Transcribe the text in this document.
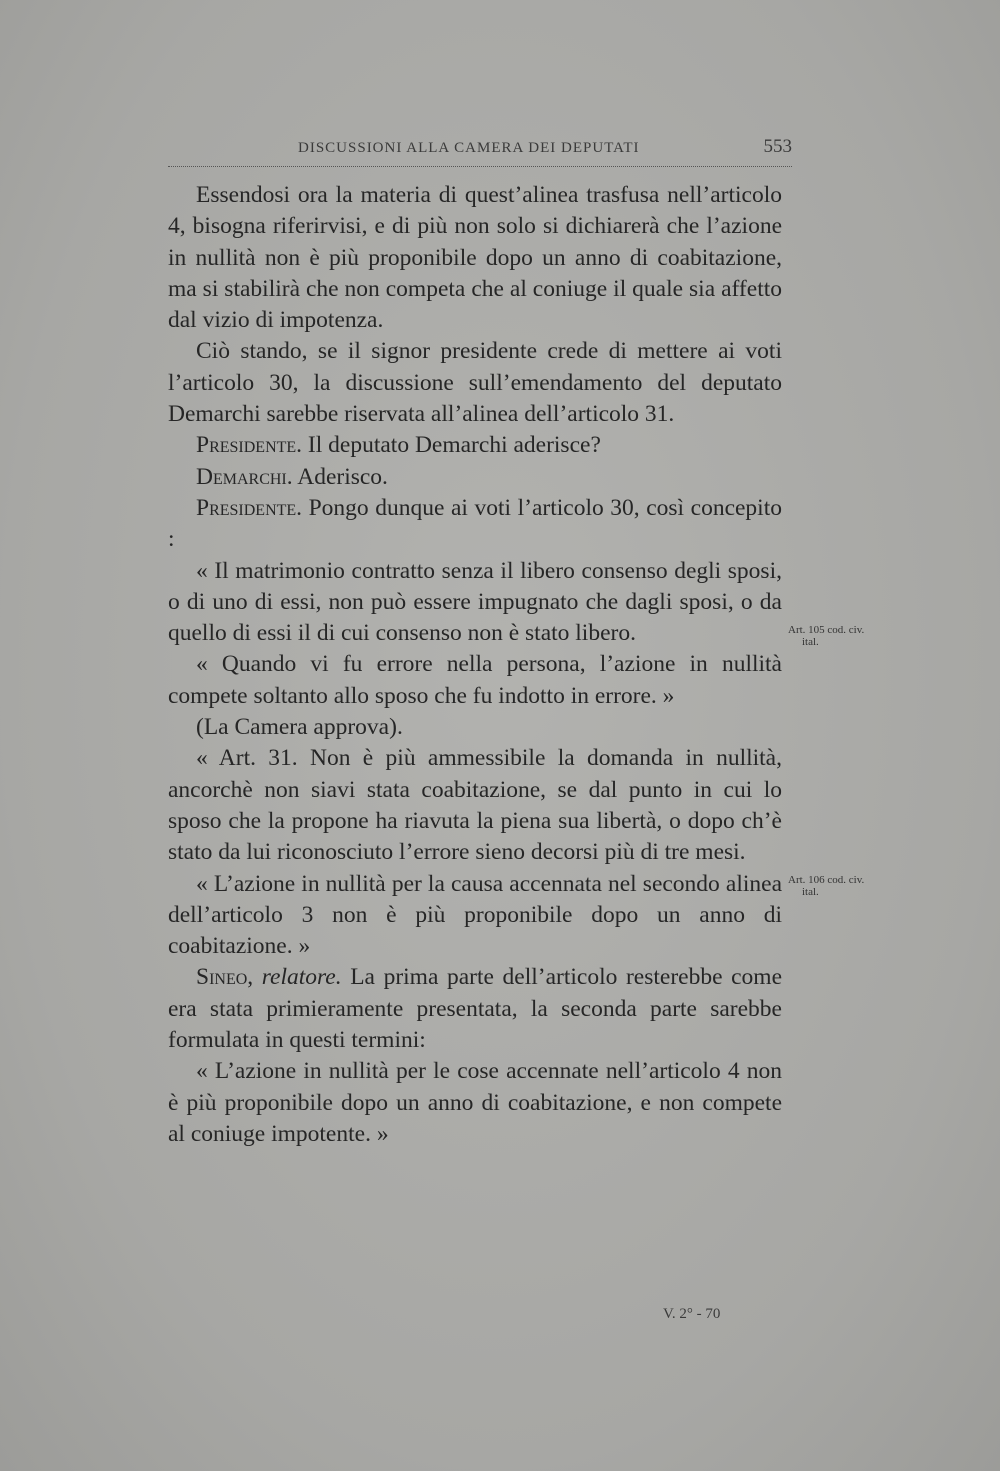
DISCUSSIONI ALLA CAMERA DEI DEPUTATI	553

Essendosi ora la materia di quest’alinea trasfusa nell’articolo 4, bisogna riferirvisi, e di più non solo si dichiarerà che l’azione in nullità non è più proponibile dopo un anno di coabitazione, ma si stabilirà che non competa che al coniuge il quale sia affetto dal vizio di impotenza.

Ciò stando, se il signor presidente crede di mettere ai voti l’articolo 30, la discussione sull’emendamento del deputato Demarchi sarebbe riservata all’alinea dell’articolo 31.

Presidente. Il deputato Demarchi aderisce?

Demarchi. Aderisco.

Presidente. Pongo dunque ai voti l’articolo 30, così concepito :

« Il matrimonio contratto senza il libero consenso degli sposi, o di uno di essi, non può essere impugnato che dagli sposi, o da quello di essi il di cui consenso non è stato libero.

« Quando vi fu errore nella persona, l’azione in nullità compete soltanto allo sposo che fu indotto in errore. »

(La Camera approva).

« Art. 31. Non è più ammessibile la domanda in nullità, ancorchè non siavi stata coabitazione, se dal punto in cui lo sposo che la propone ha riavuta la piena sua libertà, o dopo ch’è stato da lui riconosciuto l’errore sieno decorsi più di tre mesi.

« L’azione in nullità per la causa accennata nel secondo alinea dell’articolo 3 non è più proponibile dopo un anno di coabitazione. »

Sineo, relatore. La prima parte dell’articolo resterebbe come era stata primieramente presentata, la seconda parte sarebbe formulata in questi termini:

« L’azione in nullità per le cose accennate nell’articolo 4 non è più proponibile dopo un anno di coabitazione, e non compete al coniuge impotente. »

Art. 105 cod. civ.
ital.
Art. 106 cod. civ.
ital.
V. 2° - 70
